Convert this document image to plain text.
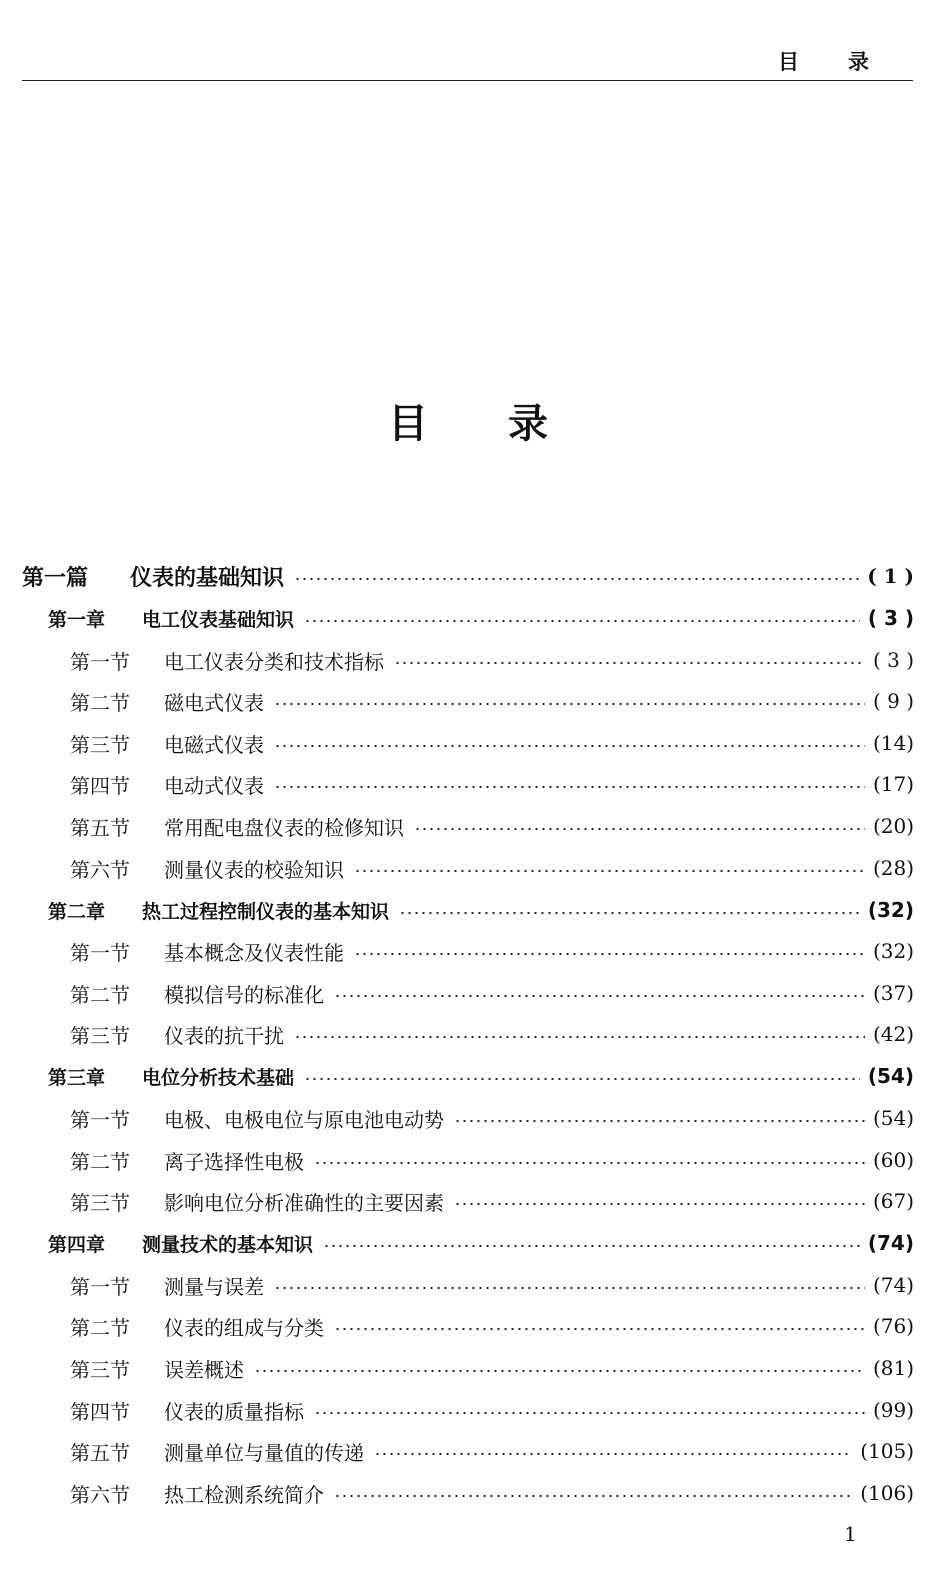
目 录
目 录
第一篇	仪表的基础知识	( 1 )
第一章	电工仪表基础知识	( 3 )
第一节	电工仪表分类和技术指标	( 3 )
第二节	磁电式仪表	( 9 )
第三节	电磁式仪表	(14)
第四节	电动式仪表	(17)
第五节	常用配电盘仪表的检修知识	(20)
第六节	测量仪表的校验知识	(28)
第二章	热工过程控制仪表的基本知识	(32)
第一节	基本概念及仪表性能	(32)
第二节	模拟信号的标准化	(37)
第三节	仪表的抗干扰	(42)
第三章	电位分析技术基础	(54)
第一节	电极、电极电位与原电池电动势	(54)
第二节	离子选择性电极	(60)
第三节	影响电位分析准确性的主要因素	(67)
第四章	测量技术的基本知识	(74)
第一节	测量与误差	(74)
第二节	仪表的组成与分类	(76)
第三节	误差概述	(81)
第四节	仪表的质量指标	(99)
第五节	测量单位与量值的传递	(105)
第六节	热工检测系统简介	(106)
1
